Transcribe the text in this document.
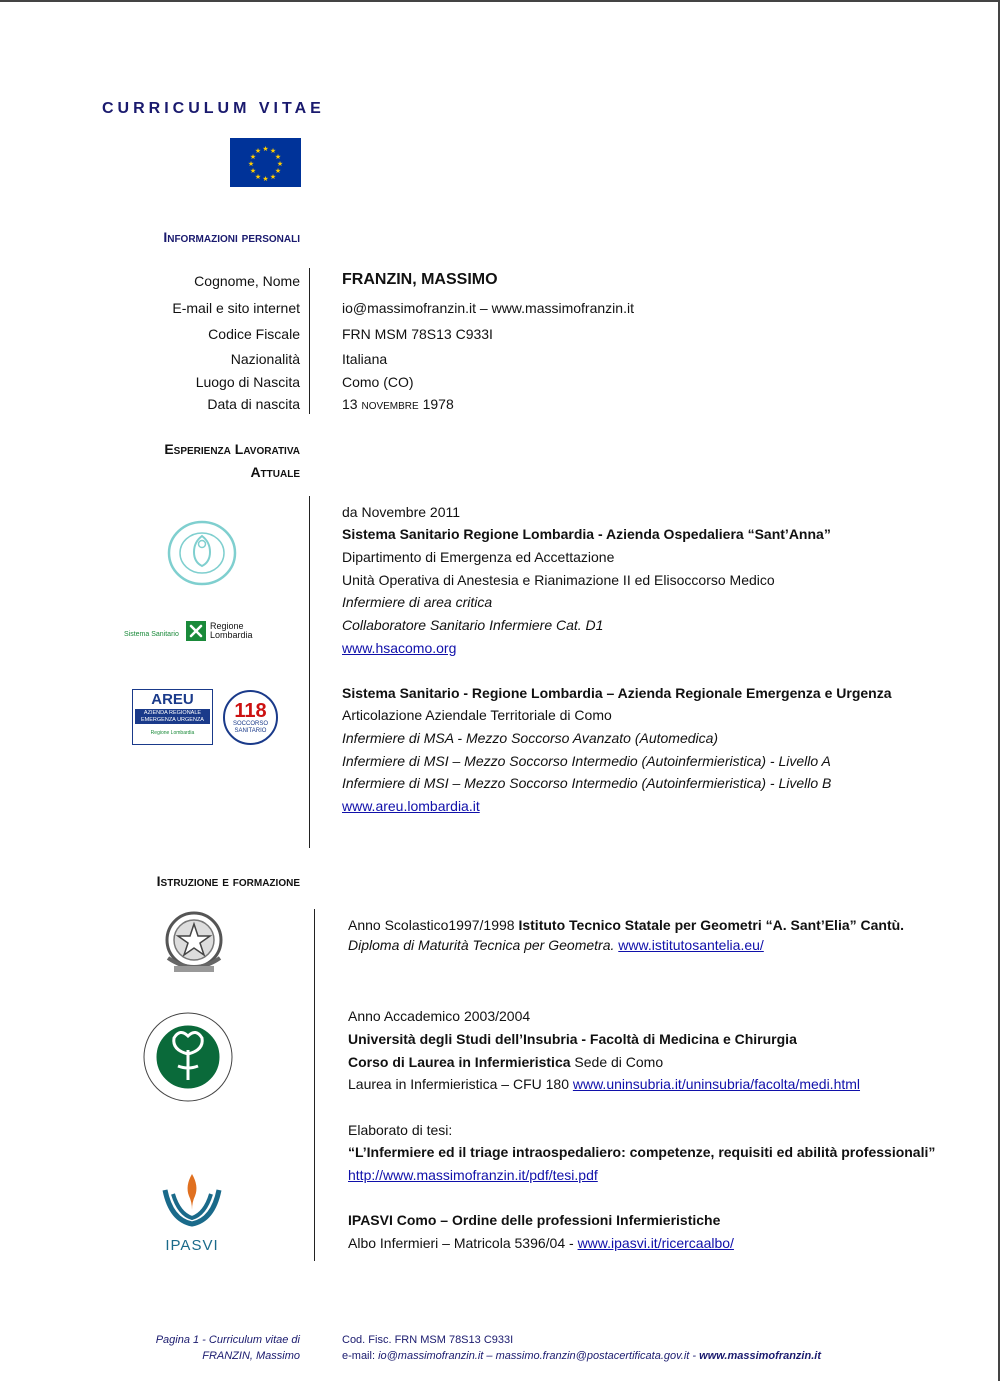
CURRICULUM VITAE
★ ★
★
★
★
★
★
★
★
★
★
★
Informazioni personali
Cognome, Nome	FRANZIN, MASSIMO
E-mail e sito internet	io@massimofranzin.it – www.massimofranzin.it
Codice Fiscale	FRN MSM 78S13 C933I
Nazionalità	Italiana
Luogo di Nascita	Como (CO)
Data di nascita	13 novembre 1978
Esperienza Lavorativa
Attuale
Sistema Sanitario
Regione
Lombardia
da Novembre 2011
Sistema Sanitario Regione Lombardia - Azienda Ospedaliera “Sant’Anna”
Dipartimento di Emergenza ed Accettazione
Unità Operativa di Anestesia e Rianimazione II ed Elisoccorso Medico
Infermiere di area critica
Collaboratore Sanitario Infermiere Cat. D1
www.hsacomo.org
AREU
AZIENDA REGIONALE
EMERGENZA URGENZA
Regione Lombardia
118
SOCCORSO
SANITARIO
Sistema Sanitario - Regione Lombardia – Azienda Regionale Emergenza e Urgenza
Articolazione Aziendale Territoriale di Como
Infermiere di MSA - Mezzo Soccorso Avanzato (Automedica)
Infermiere di MSI – Mezzo Soccorso Intermedio (Autoinfermieristica) - Livello A
Infermiere di MSI – Mezzo Soccorso Intermedio (Autoinfermieristica) - Livello B
www.areu.lombardia.it
Istruzione e formazione
Anno Scolastico1997/1998 Istituto Tecnico Statale per Geometri “A. Sant’Elia” Cantù.
Diploma di Maturità Tecnica per Geometra. www.istitutosantelia.eu/
Anno Accademico 2003/2004
Università degli Studi dell’Insubria - Facoltà di Medicina e Chirurgia
Corso di Laurea in Infermieristica Sede di Como
Laurea in Infermieristica – CFU 180 www.uninsubria.it/uninsubria/facolta/medi.html
Elaborato di tesi:
“L’Infermiere ed il triage intraospedaliero: competenze, requisiti ed abilità professionali”
http://www.massimofranzin.it/pdf/tesi.pdf
IPASVI
IPASVI Como – Ordine delle professioni Infermieristiche
Albo Infermieri – Matricola 5396/04 - www.ipasvi.it/ricercaalbo/
Pagina 1 - Curriculum vitae di
FRANZIN, Massimo
Cod. Fisc. FRN MSM 78S13 C933I
e-mail: io@massimofranzin.it – massimo.franzin@postacertificata.gov.it - www.massimofranzin.it
